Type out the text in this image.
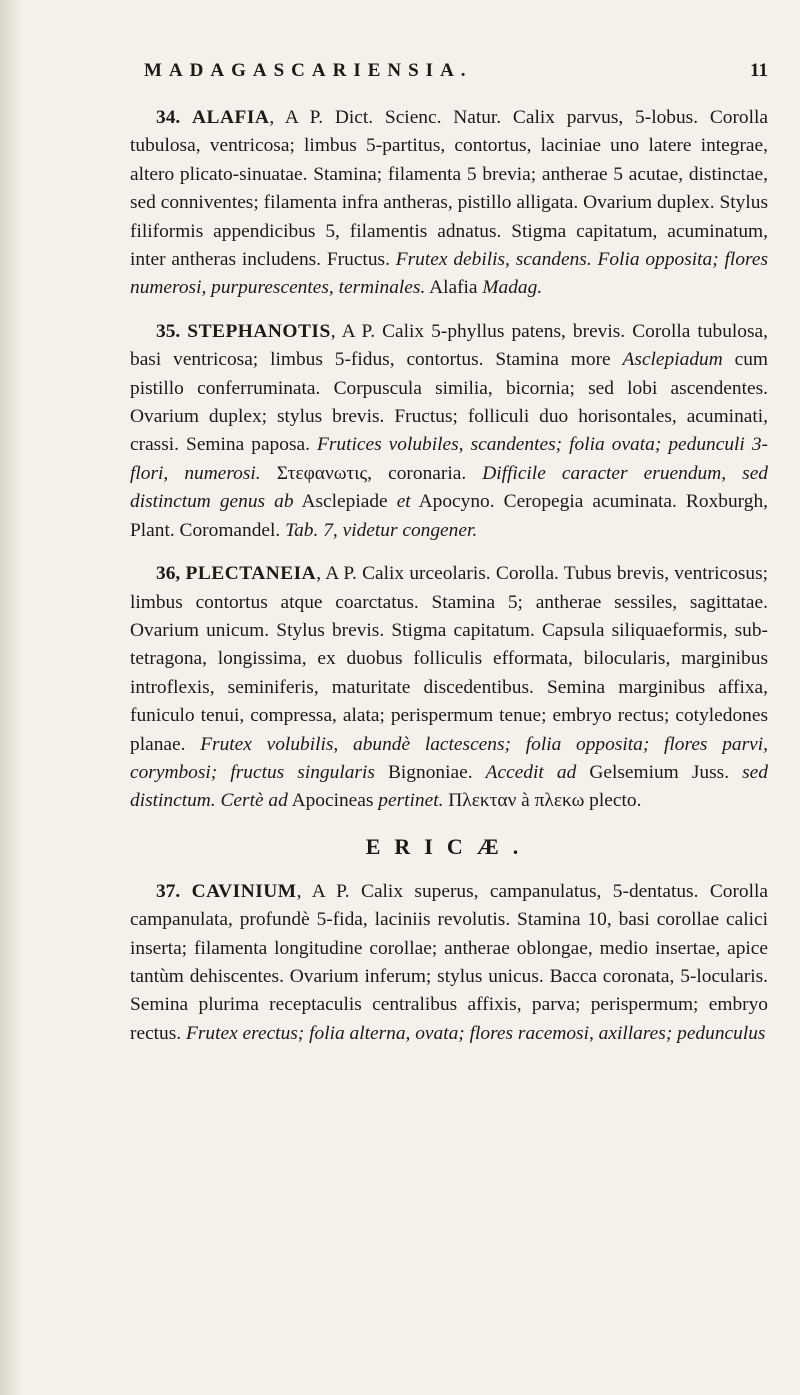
MADAGASCARIENSIA.	11

34. ALAFIA, A P. Dict. Scienc. Natur. Calix parvus, 5-lobus. Corolla tubulosa, ventricosa; limbus 5-partitus, contortus, laciniae uno latere integrae, altero plicato-sinuatae. Stamina; filamenta 5 brevia; antherae 5 acutae, distinctae, sed conniventes; filamenta infra antheras, pistillo alligata. Ovarium duplex. Stylus filiformis appendicibus 5, filamentis adnatus. Stigma capitatum, acuminatum, inter antheras includens. Fructus. Frutex debilis, scandens. Folia opposita; flores numerosi, purpurescentes, terminales. Alafia Madag.

35. STEPHANOTIS, A P. Calix 5-phyllus patens, brevis. Corolla tubulosa, basi ventricosa; limbus 5-fidus, contortus. Stamina more Asclepiadum cum pistillo conferruminata. Corpuscula similia, bicornia; sed lobi ascendentes. Ovarium duplex; stylus brevis. Fructus; folliculi duo horisontales, acuminati, crassi. Semina paposa. Frutices volubiles, scandentes; folia ovata; pedunculi 3-flori, numerosi. Στεφανωτις, coronaria. Difficile caracter eruendum, sed distinctum genus ab Asclepiade et Apocyno. Ceropegia acuminata. Roxburgh, Plant. Coromandel. Tab. 7, videtur congener.

36, PLECTANEIA, A P. Calix urceolaris. Corolla. Tubus brevis, ventricosus; limbus contortus atque coarctatus. Stamina 5; antherae sessiles, sagittatae. Ovarium unicum. Stylus brevis. Stigma capitatum. Capsula siliquaeformis, sub-tetragona, longissima, ex duobus folliculis efformata, bilocularis, marginibus introflexis, seminiferis, maturitate discedentibus. Semina marginibus affixa, funiculo tenui, compressa, alata; perispermum tenue; embryo rectus; cotyledones planae. Frutex volubilis, abundè lactescens; folia opposita; flores parvi, corymbosi; fructus singularis Bignoniae. Accedit ad Gelsemium Juss. sed distinctum. Certè ad Apocineas pertinet. Πλεκταν à πλεκω plecto.

ERICÆ.

37. CAVINIUM, A P. Calix superus, campanulatus, 5-dentatus. Corolla campanulata, profundè 5-fida, laciniis revolutis. Stamina 10, basi corollae calici inserta; filamenta longitudine corollae; antherae oblongae, medio insertae, apice tantùm dehiscentes. Ovarium inferum; stylus unicus. Bacca coronata, 5-locularis. Semina plurima receptaculis centralibus affixis, parva; perispermum; embryo rectus. Frutex erectus; folia alterna, ovata; flores racemosi, axillares; pedunculus
